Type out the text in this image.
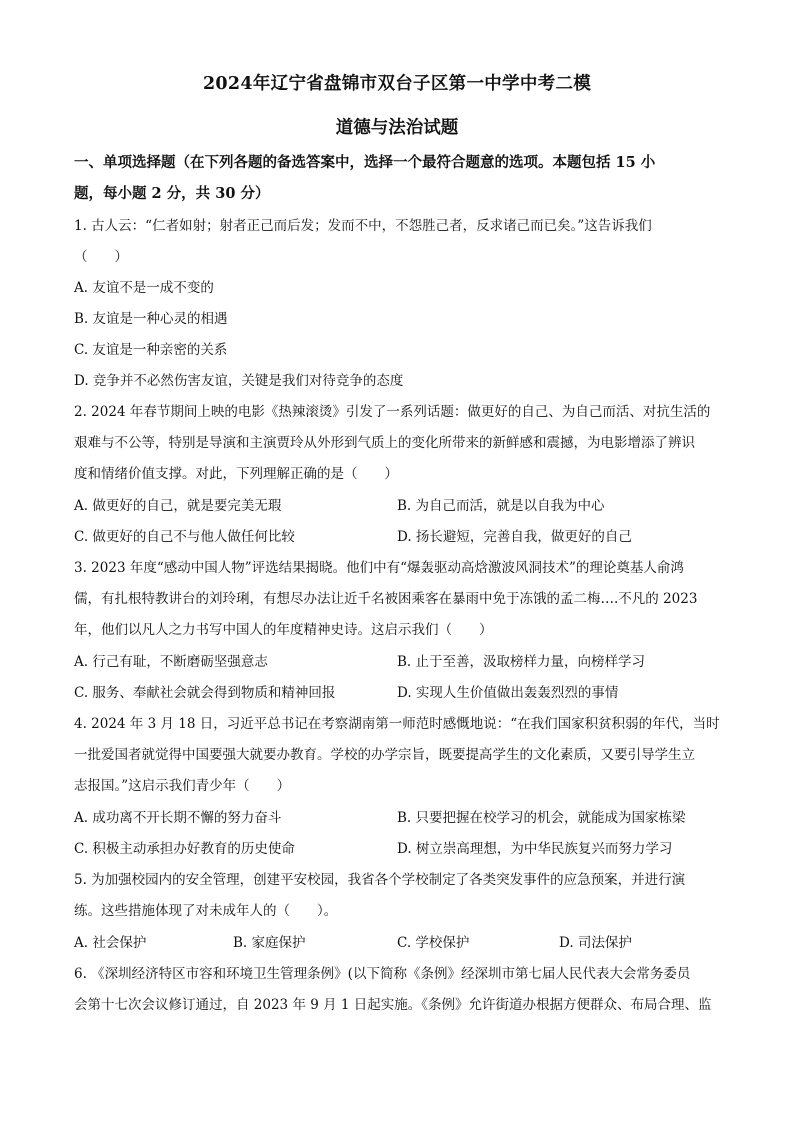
2024年辽宁省盘锦市双台子区第一中学中考二模
道德与法治试题
一、单项选择题（在下列各题的备选答案中，选择一个最符合题意的选项。本题包括 15 小
题，每小题 2 分，共 30 分）
1. 古人云：“仁者如射；射者正己而后发；发而不中，不怨胜己者，反求诸己而已矣。”这告诉我们
（　　）
A. 友谊不是一成不变的
B. 友谊是一种心灵的相遇
C. 友谊是一种亲密的关系
D. 竞争并不必然伤害友谊，关键是我们对待竞争的态度
2. 2024 年春节期间上映的电影《热辣滚烫》引发了一系列话题：做更好的自己、为自己而活、对抗生活的
艰难与不公等，特别是导演和主演贾玲从外形到气质上的变化所带来的新鲜感和震撼，为电影增添了辨识
度和情绪价值支撑。对此，下列理解正确的是（　　）
A. 做更好的自己，就是要完美无瑕	B. 为自己而活，就是以自我为中心
C. 做更好的自己不与他人做任何比较	D. 扬长避短，完善自我，做更好的自己
3. 2023 年度“感动中国人物”评选结果揭晓。他们中有“爆轰驱动高焓激波风洞技术”的理论奠基人俞鸿
儒，有扎根特教讲台的刘玲琍，有想尽办法让近千名被困乘客在暴雨中免于冻饿的孟二梅….不凡的 2023
年，他们以凡人之力书写中国人的年度精神史诗。这启示我们（　　）
A. 行己有耻，不断磨砺坚强意志	B. 止于至善，汲取榜样力量，向榜样学习
C. 服务、奉献社会就会得到物质和精神回报	D. 实现人生价值做出轰轰烈烈的事情
4. 2024 年 3 月 18 日，习近平总书记在考察湖南第一师范时感慨地说：“在我们国家积贫积弱的年代，当时
一批爱国者就觉得中国要强大就要办教育。学校的办学宗旨，既要提高学生的文化素质，又要引导学生立
志报国。”这启示我们青少年（　　）
A. 成功离不开长期不懈的努力奋斗	B. 只要把握在校学习的机会，就能成为国家栋梁
C. 积极主动承担办好教育的历史使命	D. 树立崇高理想，为中华民族复兴而努力学习
5. 为加强校园内的安全管理，创建平安校园，我省各个学校制定了各类突发事件的应急预案，并进行演
练。这些措施体现了对未成年人的（　　）。
A. 社会保护	B. 家庭保护	C. 学校保护	D. 司法保护
6. 《深圳经济特区市容和环境卫生管理条例》(以下简称《条例》经深圳市第七届人民代表大会常务委员
会第十七次会议修订通过，自 2023 年 9 月 1 日起实施。《条例》允许街道办根据方便群众、布局合理、监
